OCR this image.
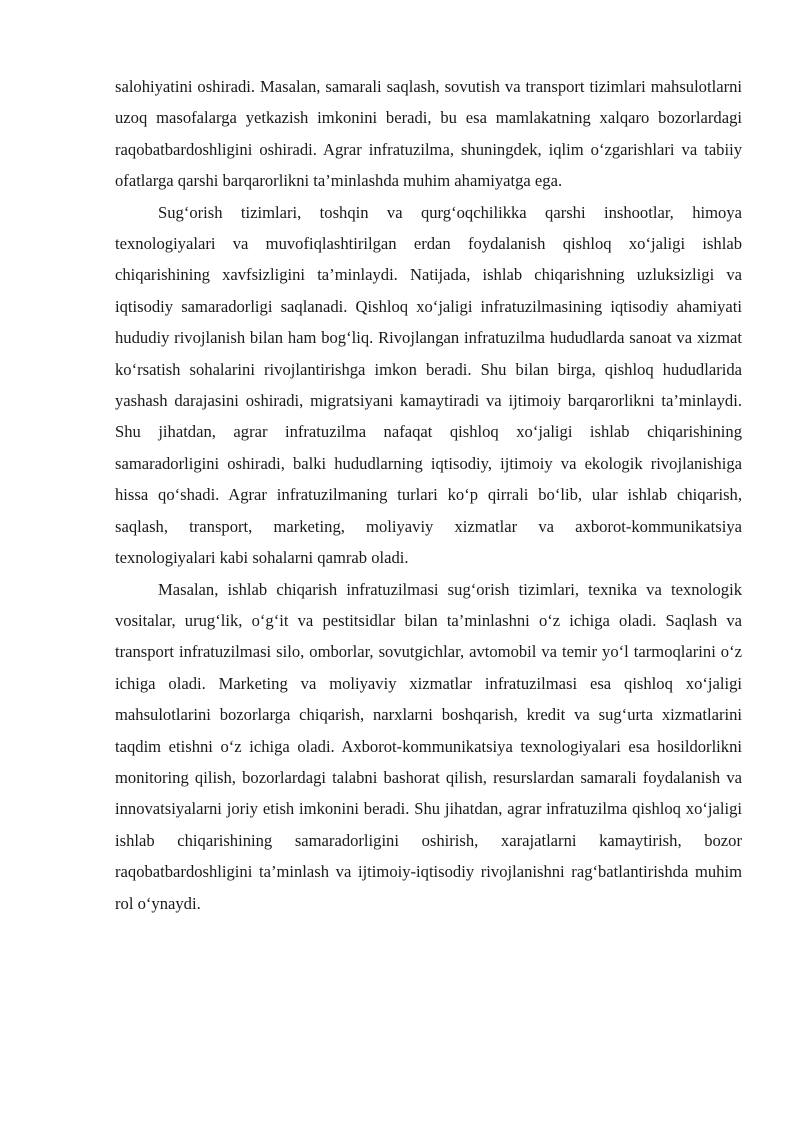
salohiyatini oshiradi. Masalan, samarali saqlash, sovutish va transport tizimlari mahsulotlarni uzoq masofalarga yetkazish imkonini beradi, bu esa mamlakatning xalqaro bozorlardagi raqobatbardoshligini oshiradi. Agrar infratuzilma, shuningdek, iqlim o‘zgarishlari va tabiiy ofatlarga qarshi barqarorlikni ta’minlashda muhim ahamiyatga ega.

Sug‘orish tizimlari, toshqin va qurg‘oqchilikka qarshi inshootlar, himoya texnologiyalari va muvofiqlashtirilgan erdan foydalanish qishloq xo‘jaligi ishlab chiqarishining xavfsizligini ta’minlaydi. Natijada, ishlab chiqarishning uzluksizligi va iqtisodiy samaradorligi saqlanadi. Qishloq xo‘jaligi infratuzilmasining iqtisodiy ahamiyati hududiy rivojlanish bilan ham bog‘liq. Rivojlangan infratuzilma hududlarda sanoat va xizmat ko‘rsatish sohalarini rivojlantirishga imkon beradi. Shu bilan birga, qishloq hududlarida yashash darajasini oshiradi, migratsiyani kamaytiradi va ijtimoiy barqarorlikni ta’minlaydi. Shu jihatdan, agrar infratuzilma nafaqat qishloq xo‘jaligi ishlab chiqarishining samaradorligini oshiradi, balki hududlarning iqtisodiy, ijtimoiy va ekologik rivojlanishiga hissa qo‘shadi. Agrar infratuzilmaning turlari ko‘p qirrali bo‘lib, ular ishlab chiqarish, saqlash, transport, marketing, moliyaviy xizmatlar va axborot-kommunikatsiya texnologiyalari kabi sohalarni qamrab oladi.

Masalan, ishlab chiqarish infratuzilmasi sug‘orish tizimlari, texnika va texnologik vositalar, urug‘lik, o‘g‘it va pestitsidlar bilan ta’minlashni o‘z ichiga oladi. Saqlash va transport infratuzilmasi silo, omborlar, sovutgichlar, avtomobil va temir yo‘l tarmoqlarini o‘z ichiga oladi. Marketing va moliyaviy xizmatlar infratuzilmasi esa qishloq xo‘jaligi mahsulotlarini bozorlarga chiqarish, narxlarni boshqarish, kredit va sug‘urta xizmatlarini taqdim etishni o‘z ichiga oladi. Axborot-kommunikatsiya texnologiyalari esa hosildorlikni monitoring qilish, bozorlardagi talabni bashorat qilish, resurslardan samarali foydalanish va innovatsiyalarni joriy etish imkonini beradi. Shu jihatdan, agrar infratuzilma qishloq xo‘jaligi ishlab chiqarishining samaradorligini oshirish, xarajatlarni kamaytirish, bozor raqobatbardoshligini ta’minlash va ijtimoiy-iqtisodiy rivojlanishni rag‘batlantirishda muhim rol o‘ynaydi.
